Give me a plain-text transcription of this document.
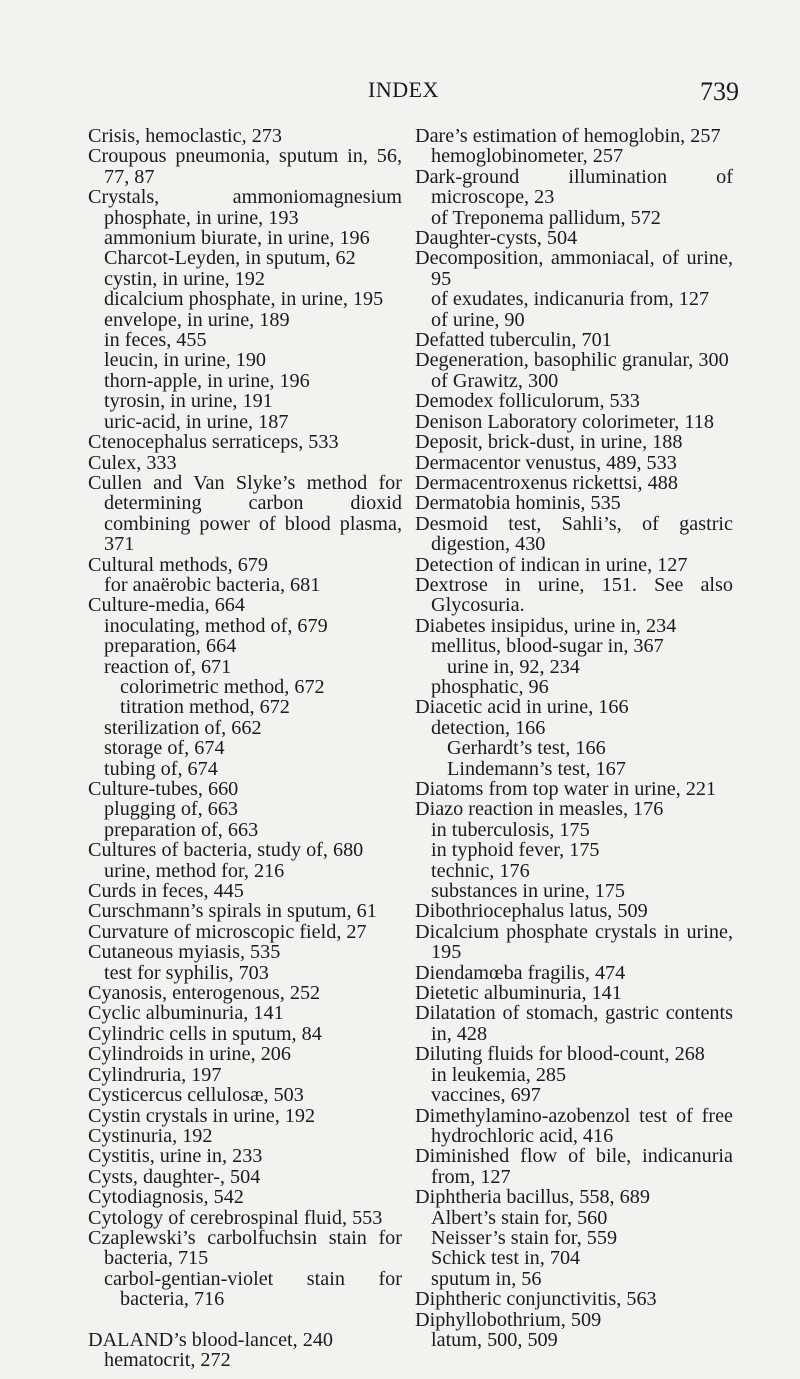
INDEX	739
Crisis, hemoclastic, 273
Croupous pneumonia, sputum in, 56, 77, 87
Crystals, ammoniomagnesium phosphate, in urine, 193
ammonium biurate, in urine, 196
Charcot-Leyden, in sputum, 62
cystin, in urine, 192
dicalcium phosphate, in urine, 195
envelope, in urine, 189
in feces, 455
leucin, in urine, 190
thorn-apple, in urine, 196
tyrosin, in urine, 191
uric-acid, in urine, 187
Ctenocephalus serraticeps, 533
Culex, 333
Cullen and Van Slyke’s method for determining carbon dioxid combining power of blood plasma, 371
Cultural methods, 679
for anaërobic bacteria, 681
Culture-media, 664
inoculating, method of, 679
preparation, 664
reaction of, 671
colorimetric method, 672
titration method, 672
sterilization of, 662
storage of, 674
tubing of, 674
Culture-tubes, 660
plugging of, 663
preparation of, 663
Cultures of bacteria, study of, 680
urine, method for, 216
Curds in feces, 445
Curschmann’s spirals in sputum, 61
Curvature of microscopic field, 27
Cutaneous myiasis, 535
test for syphilis, 703
Cyanosis, enterogenous, 252
Cyclic albuminuria, 141
Cylindric cells in sputum, 84
Cylindroids in urine, 206
Cylindruria, 197
Cysticercus cellulosæ, 503
Cystin crystals in urine, 192
Cystinuria, 192
Cystitis, urine in, 233
Cysts, daughter-, 504
Cytodiagnosis, 542
Cytology of cerebrospinal fluid, 553
Czaplewski’s carbolfuchsin stain for bacteria, 715
carbol-gentian-violet stain for bacteria, 716
DALAND’s blood-lancet, 240
hematocrit, 272
Dare’s estimation of hemoglobin, 257
hemoglobinometer, 257
Dark-ground illumination of microscope, 23
of Treponema pallidum, 572
Daughter-cysts, 504
Decomposition, ammoniacal, of urine, 95
of exudates, indicanuria from, 127
of urine, 90
Defatted tuberculin, 701
Degeneration, basophilic granular, 300
of Grawitz, 300
Demodex folliculorum, 533
Denison Laboratory colorimeter, 118
Deposit, brick-dust, in urine, 188
Dermacentor venustus, 489, 533
Dermacentroxenus rickettsi, 488
Dermatobia hominis, 535
Desmoid test, Sahli’s, of gastric digestion, 430
Detection of indican in urine, 127
Dextrose in urine, 151. See also Glycosuria.
Diabetes insipidus, urine in, 234
mellitus, blood-sugar in, 367
urine in, 92, 234
phosphatic, 96
Diacetic acid in urine, 166
detection, 166
Gerhardt’s test, 166
Lindemann’s test, 167
Diatoms from top water in urine, 221
Diazo reaction in measles, 176
in tuberculosis, 175
in typhoid fever, 175
technic, 176
substances in urine, 175
Dibothriocephalus latus, 509
Dicalcium phosphate crystals in urine, 195
Diendamœba fragilis, 474
Dietetic albuminuria, 141
Dilatation of stomach, gastric contents in, 428
Diluting fluids for blood-count, 268
in leukemia, 285
vaccines, 697
Dimethylamino-azobenzol test of free hydrochloric acid, 416
Diminished flow of bile, indicanuria from, 127
Diphtheria bacillus, 558, 689
Albert’s stain for, 560
Neisser’s stain for, 559
Schick test in, 704
sputum in, 56
Diphtheric conjunctivitis, 563
Diphyllobothrium, 509
latum, 500, 509
